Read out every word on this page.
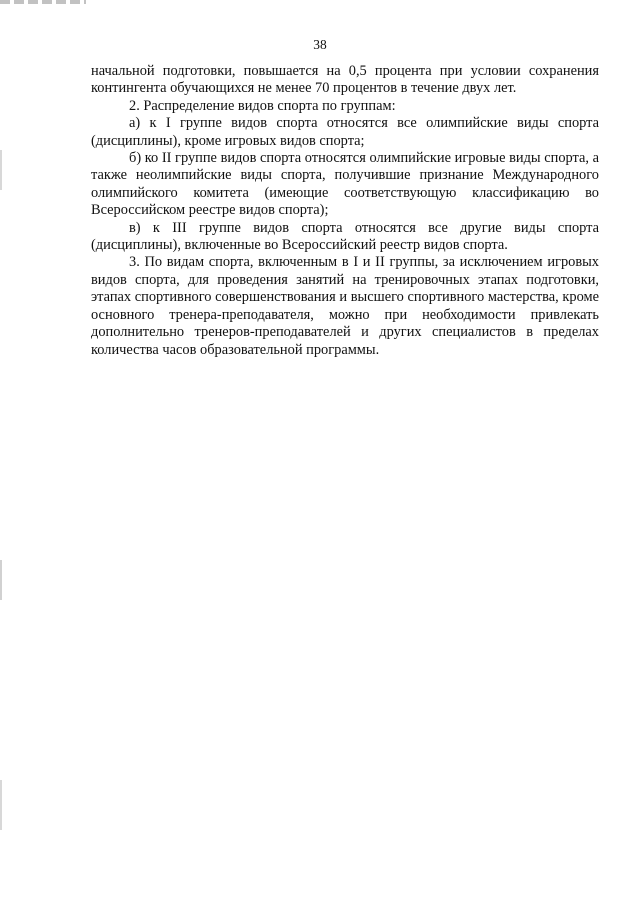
38

начальной подготовки, повышается на 0,5 процента при условии сохранения контингента обучающихся не менее 70 процентов в течение двух лет.

2. Распределение видов спорта по группам:

а) к I группе видов спорта относятся все олимпийские виды спорта (дисциплины), кроме игровых видов спорта;

б) ко II группе видов спорта относятся олимпийские игровые виды спорта, а также неолимпийские виды спорта, получившие признание Международного олимпийского комитета (имеющие соответствующую классификацию во Всероссийском реестре видов спорта);

в) к III группе видов спорта относятся все другие виды спорта (дисциплины), включенные во Всероссийский реестр видов спорта.

3. По видам спорта, включенным в I и II группы, за исключением игровых видов спорта, для проведения занятий на тренировочных этапах подготовки, этапах спортивного совершенствования и высшего спортивного мастерства, кроме основного тренера-преподавателя, можно при необходимости привлекать дополнительно тренеров-преподавателей и других специалистов в пределах количества часов образовательной программы.
